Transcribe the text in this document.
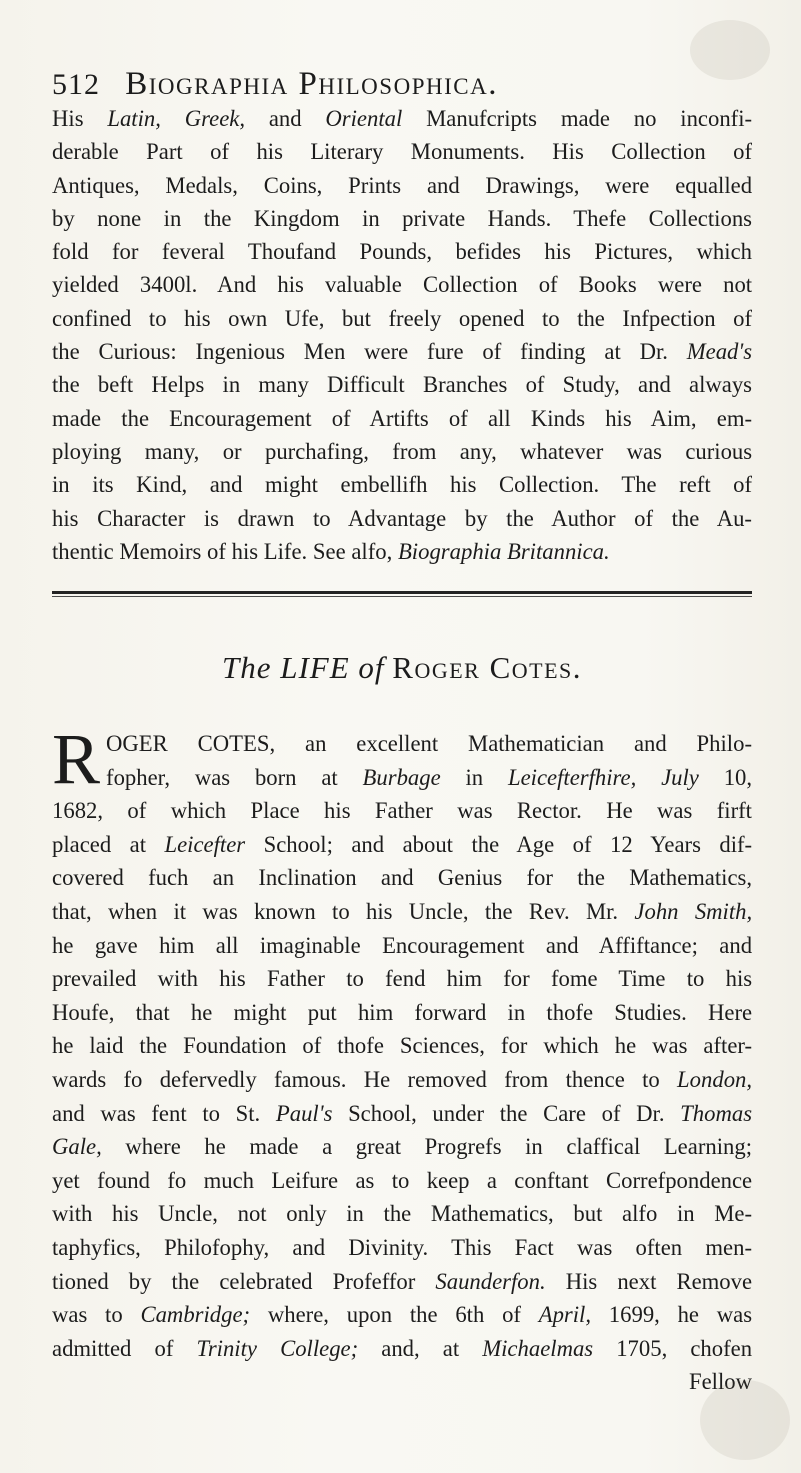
512 Biographia Philosophica.
His Latin, Greek, and Oriental Manufcripts made no inconfi-
derable Part of his Literary Monuments. His Collection of
Antiques, Medals, Coins, Prints and Drawings, were equalled
by none in the Kingdom in private Hands. Thefe Collections
fold for feveral Thoufand Pounds, befides his Pictures, which
yielded 3400l. And his valuable Collection of Books were not
confined to his own Ufe, but freely opened to the Infpection of
the Curious: Ingenious Men were fure of finding at Dr. Mead's
the beft Helps in many Difficult Branches of Study, and always
made the Encouragement of Artifts of all Kinds his Aim, em-
ploying many, or purchafing, from any, whatever was curious
in its Kind, and might embellifh his Collection. The reft of
his Character is drawn to Advantage by the Author of the Au-
thentic Memoirs of his Life. See alfo, Biographia Britannica.
The LIFE of Roger Cotes.
R OGER COTES, an excellent Mathematician and Philo-
fopher, was born at Burbage in Leicefterfhire, July 10,
1682, of which Place his Father was Rector. He was firft
placed at Leicefter School; and about the Age of 12 Years dif-
covered fuch an Inclination and Genius for the Mathematics,
that, when it was known to his Uncle, the Rev. Mr. John Smith,
he gave him all imaginable Encouragement and Affiftance; and
prevailed with his Father to fend him for fome Time to his
Houfe, that he might put him forward in thofe Studies. Here
he laid the Foundation of thofe Sciences, for which he was after-
wards fo defervedly famous. He removed from thence to London,
and was fent to St. Paul's School, under the Care of Dr. Thomas
Gale, where he made a great Progrefs in claffical Learning;
yet found fo much Leifure as to keep a conftant Correfpondence
with his Uncle, not only in the Mathematics, but alfo in Me-
taphyfics, Philofophy, and Divinity. This Fact was often men-
tioned by the celebrated Profeffor Saunderfon. His next Remove
was to Cambridge; where, upon the 6th of April, 1699, he was
admitted of Trinity College; and, at Michaelmas 1705, chofen
Fellow
